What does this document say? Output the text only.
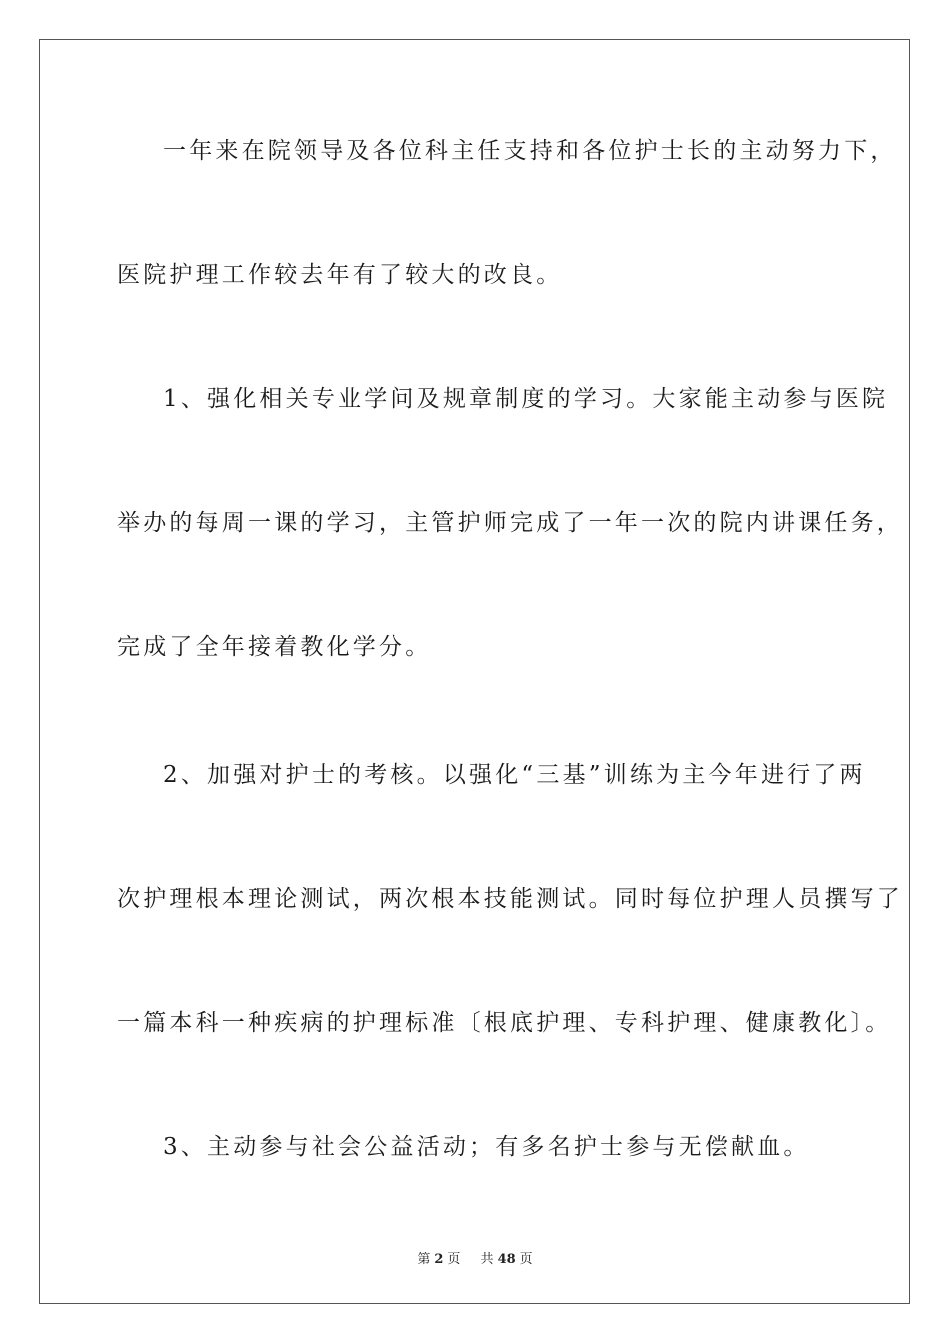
一年来在院领导及各位科主任支持和各位护士长的主动努力下，
医院护理工作较去年有了较大的改良。
1、强化相关专业学问及规章制度的学习。大家能主动参与医院
举办的每周一课的学习，主管护师完成了一年一次的院内讲课任务，
完成了全年接着教化学分。
2、加强对护士的考核。以强化“三基”训练为主今年进行了两
次护理根本理论测试，两次根本技能测试。同时每位护理人员撰写了
一篇本科一种疾病的护理标准〔根底护理、专科护理、健康教化〕。
3、主动参与社会公益活动；有多名护士参与无偿献血。
第 2 页 共 48 页
